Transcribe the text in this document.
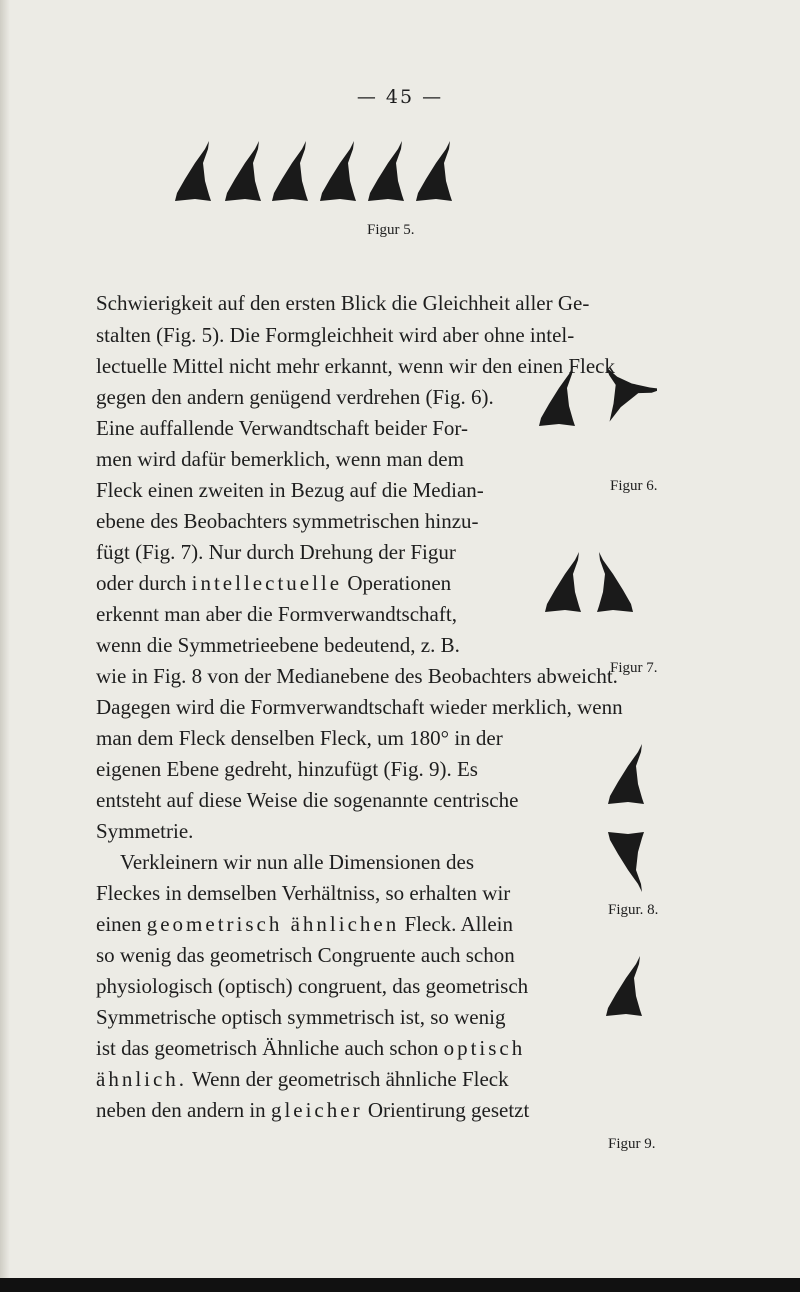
— 45 —
Figur 5.
Figur 6.
Figur 7.
Figur. 8.
Figur 9.
Schwierigkeit auf den ersten Blick die Gleichheit aller Ge-
stalten (Fig. 5). Die Formgleichheit wird aber ohne intel-
lectuelle Mittel nicht mehr erkannt, wenn wir den einen Fleck
gegen den andern genügend verdrehen (Fig. 6).
Eine auffallende Verwandtschaft beider For-
men wird dafür bemerklich, wenn man dem
Fleck einen zweiten in Bezug auf die Median-
ebene des Beobachters symmetrischen hinzu-
fügt (Fig. 7). Nur durch Drehung der Figur
oder durch intellectuelle Operationen
erkennt man aber die Formverwandtschaft,
wenn die Symmetrieebene bedeutend, z. B.
wie in Fig. 8 von der Medianebene des Beobachters abweicht.
Dagegen wird die Formverwandtschaft wieder merklich, wenn
man dem Fleck denselben Fleck, um 180° in der
eigenen Ebene gedreht, hinzufügt (Fig. 9). Es
entsteht auf diese Weise die sogenannte centrische
Symmetrie.
Verkleinern wir nun alle Dimensionen des
Fleckes in demselben Verhältniss, so erhalten wir
einen geometrisch ähnlichen Fleck. Allein
so wenig das geometrisch Congruente auch schon
physiologisch (optisch) congruent, das geometrisch
Symmetrische optisch symmetrisch ist, so wenig
ist das geometrisch Ähnliche auch schon optisch
ähnlich. Wenn der geometrisch ähnliche Fleck
neben den andern in gleicher Orientirung gesetzt
